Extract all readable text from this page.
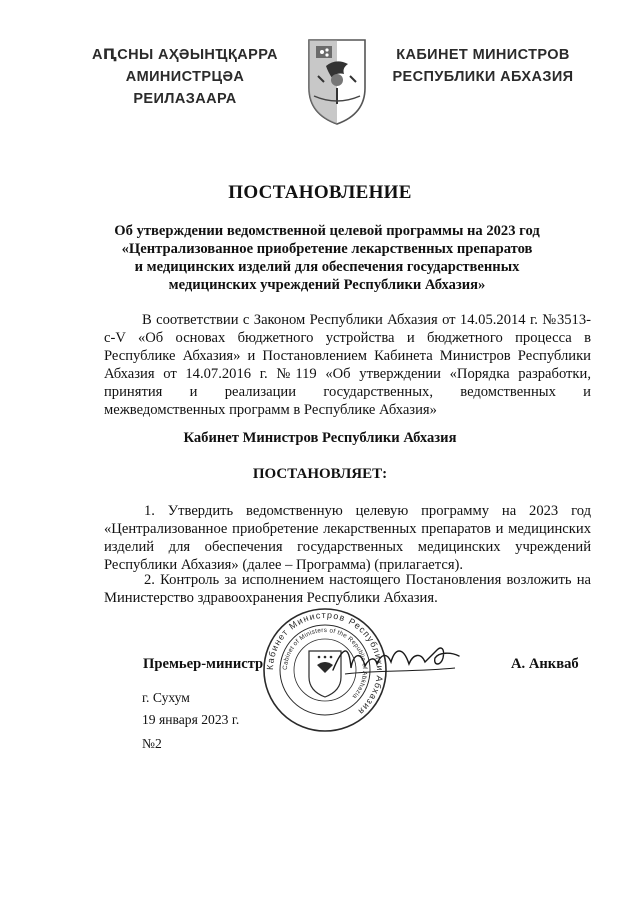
АԤСНЫ АҲӘЫНҴҚАРРА
АМИНИСТРЦӘА РЕИЛАЗААРА
КАБИНЕТ МИНИСТРОВ
РЕСПУБЛИКИ АБХАЗИЯ
ПОСТАНОВЛЕНИЕ
Об утверждении ведомственной целевой программы на 2023 год
«Централизованное приобретение лекарственных препаратов
и медицинских изделий для обеспечения государственных
медицинских учреждений Республики Абхазия»
В соответствии с Законом Республики Абхазия от 14.05.2014 г. №3513-с-V «Об основах бюджетного устройства и бюджетного процесса в Республике Абхазия» и Постановлением Кабинета Министров Республики Абхазия от 14.07.2016 г. №119 «Об утверждении «Порядка разработки, принятия и реализации государственных, ведомственных и межведомственных программ в Республике Абхазия»
Кабинет Министров Республики Абхазия
ПОСТАНОВЛЯЕТ:
1. Утвердить ведомственную целевую программу на 2023 год «Централизованное приобретение лекарственных препаратов и медицинских изделий для обеспечения государственных медицинских учреждений Республики Абхазия» (далее – Программа) (прилагается).
2. Контроль за исполнением настоящего Постановления возложить на Министерство здравоохранения Республики Абхазия.
Кабинет Министров Республики Абхазия
Cabinet of Ministers of the Republic of Abkhazia
Премьер-министр	А. Анкваб
г. Сухум
19 января 2023 г.
№2
